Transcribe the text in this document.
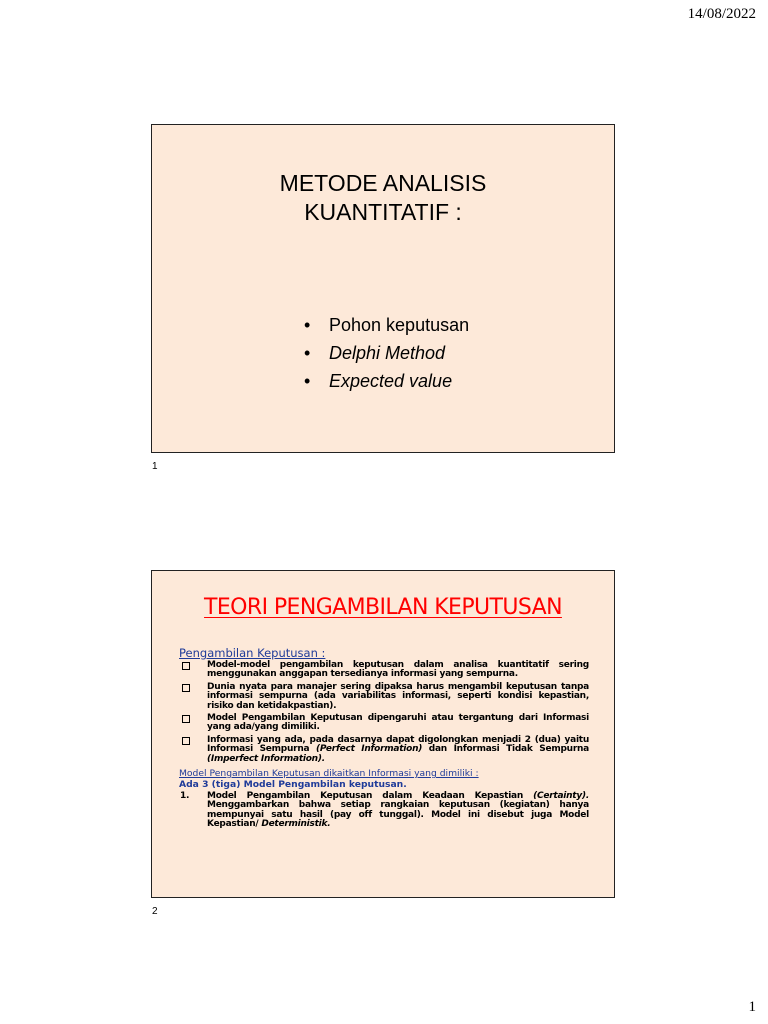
14/08/2022
METODE ANALISIS
KUANTITATIF :
• Pohon keputusan
• Delphi Method
• Expected value
1
TEORI PENGAMBILAN KEPUTUSAN
Pengambilan Keputusan :
Model-model pengambilan keputusan dalam analisa kuantitatif sering menggunakan anggapan tersedianya informasi yang sempurna.
Dunia nyata para manajer sering dipaksa harus mengambil keputusan tanpa informasi sempurna (ada variabilitas informasi, seperti kondisi kepastian, risiko dan ketidakpastian).
Model Pengambilan Keputusan dipengaruhi atau tergantung dari Informasi yang ada/yang dimiliki.
Informasi yang ada, pada dasarnya dapat digolongkan menjadi 2 (dua) yaitu Informasi Sempurna (Perfect Information) dan Informasi Tidak Sempurna (Imperfect Information).
Model Pengambilan Keputusan dikaitkan Informasi yang dimiliki :
Ada 3 (tiga) Model Pengambilan keputusan.
1. Model Pengambilan Keputusan dalam Keadaan Kepastian (Certainty). Menggambarkan bahwa setiap rangkaian keputusan (kegiatan) hanya mempunyai satu hasil (pay off tunggal). Model ini disebut juga Model Kepastian/ Deterministik.
2
1
